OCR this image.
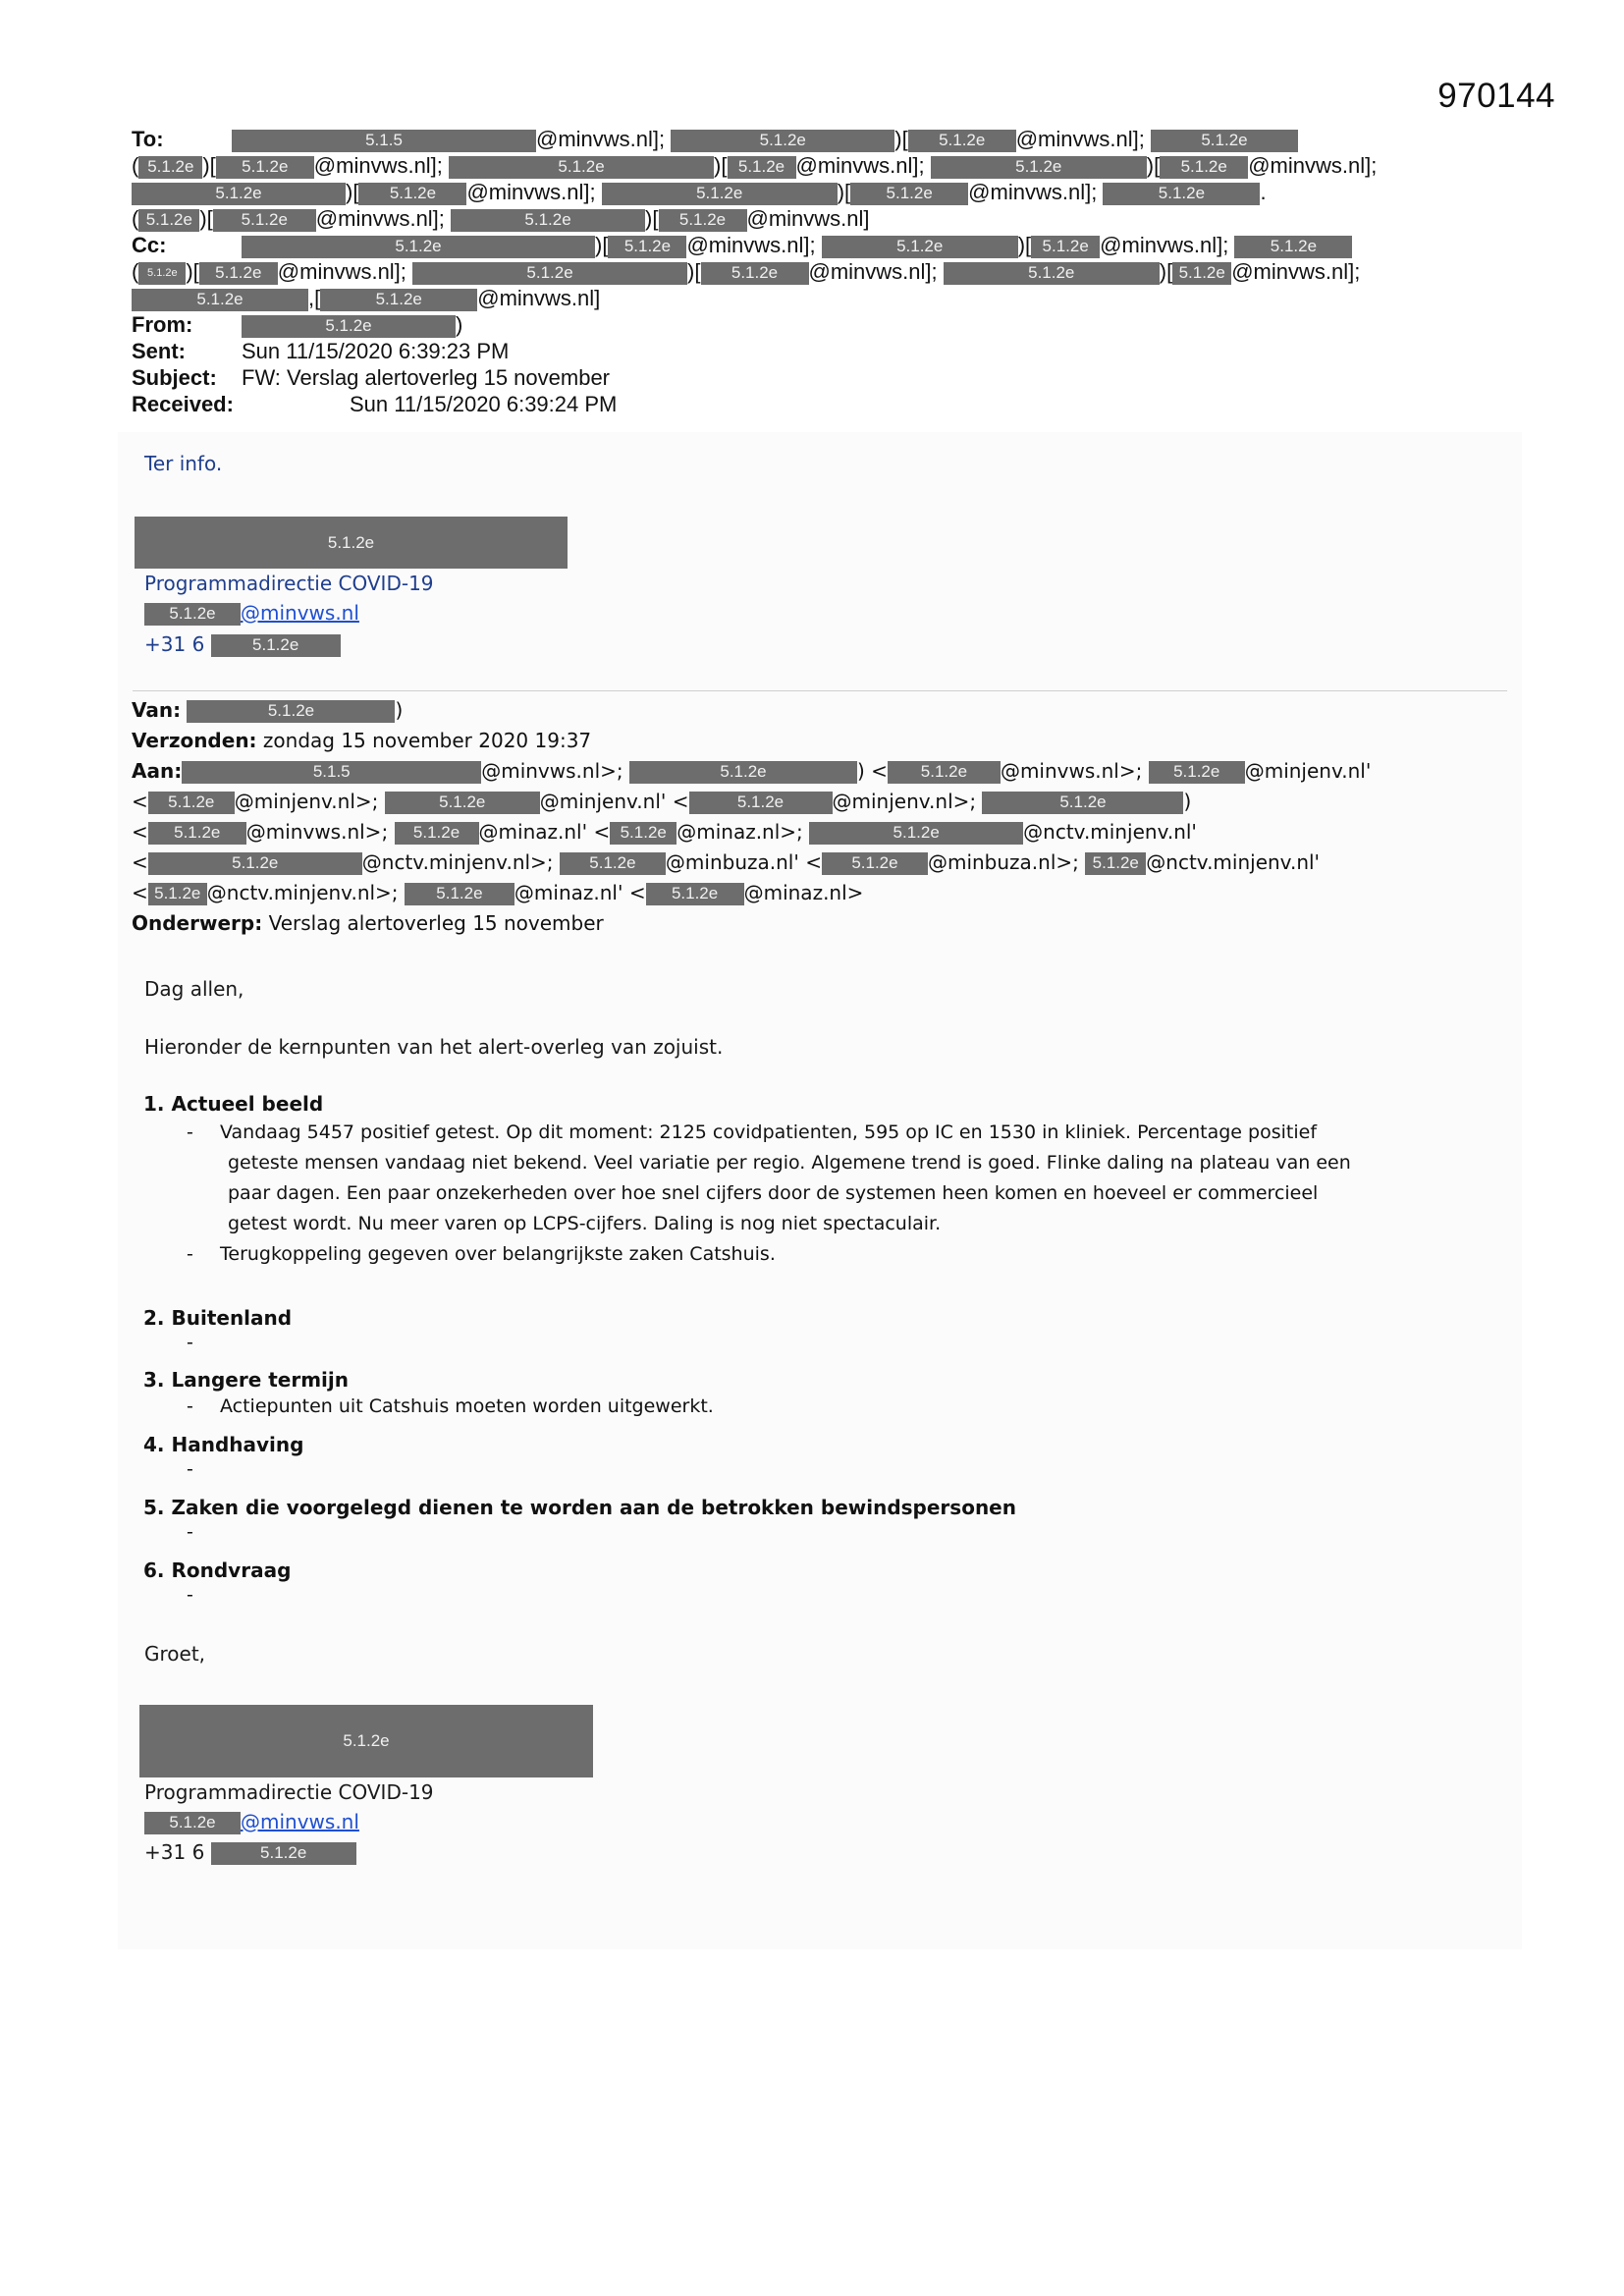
970144
To:	5.1.5	@minvws.nl];	5.1.2e	)[ 5.1.2e @minvws.nl];	5.1.2e
( 5.1.2e )[ 5.1.2e @minvws.nl];	5.1.2e	)[ 5.1.2e @minvws.nl];	5.1.2e	)[ 5.1.2e @minvws.nl];
5.1.2e	)[ 5.1.2e @minvws.nl];	5.1.2e	)[ 5.1.2e @minvws.nl];	5.1.2e	.
( 5.1.2e )[ 5.1.2e @minvws.nl];	5.1.2e	)[ 5.1.2e @minvws.nl]
Cc:	5.1.2e	)[ 5.1.2e @minvws.nl];	5.1.2e	)[ 5.1.2e @minvws.nl]; 5.1.2e
( 5.1.2e )[ 5.1.2e @minvws.nl];	5.1.2e	)[ 5.1.2e @minvws.nl];	5.1.2e	)[ 5.1.2e @minvws.nl];
5.1.2e	,[	5.1.2e	@minvws.nl]
From:	5.1.2e	)
Sent:	Sun 11/15/2020 6:39:23 PM
Subject: FW: Verslag alertoverleg 15 november
Received:	Sun 11/15/2020 6:39:24 PM
Ter info.
5.1.2e
Programmadirectie COVID-19
5.1.2e @minvws.nl
+31 6	5.1.2e
Van:	5.1.2e	)
Verzonden: zondag 15 november 2020 19:37
Aan:	5.1.5	@minvws.nl>;	5.1.2e	) < 5.1.2e @minvws.nl>; 5.1.2e @minjenv.nl'
< 5.1.2e @minjenv.nl>;	5.1.2e	@minjenv.nl' <	5.1.2e @minjenv.nl>;	5.1.2e	)
< 5.1.2e @minvws.nl>; 5.1.2e @minaz.nl' < 5.1.2e @minaz.nl>;	5.1.2e	@nctv.minjenv.nl'
<	5.1.2e	@nctv.minjenv.nl>; 5.1.2e @minbuza.nl' < 5.1.2e @minbuza.nl>; 5.1.2e @nctv.minjenv.nl'
< 5.1.2e @nctv.minjenv.nl>; 5.1.2e @minaz.nl' < 5.1.2e @minaz.nl>
Onderwerp: Verslag alertoverleg 15 november
Dag allen,
Hieronder de kernpunten van het alert-overleg van zojuist.
1. Actueel beeld
- Vandaag 5457 positief getest. Op dit moment: 2125 covidpatienten, 595 op IC en 1530 in kliniek. Percentage positief
geteste mensen vandaag niet bekend. Veel variatie per regio. Algemene trend is goed. Flinke daling na plateau van een
paar dagen. Een paar onzekerheden over hoe snel cijfers door de systemen heen komen en hoeveel er commercieel
getest wordt. Nu meer varen op LCPS-cijfers. Daling is nog niet spectaculair.
- Terugkoppeling gegeven over belangrijkste zaken Catshuis.
2. Buitenland
-
3. Langere termijn
- Actiepunten uit Catshuis moeten worden uitgewerkt.
4. Handhaving
-
5. Zaken die voorgelegd dienen te worden aan de betrokken bewindspersonen
-
6. Rondvraag
-
Groet,
5.1.2e
Programmadirectie COVID-19
5.1.2e @minvws.nl
+31 6	5.1.2e
